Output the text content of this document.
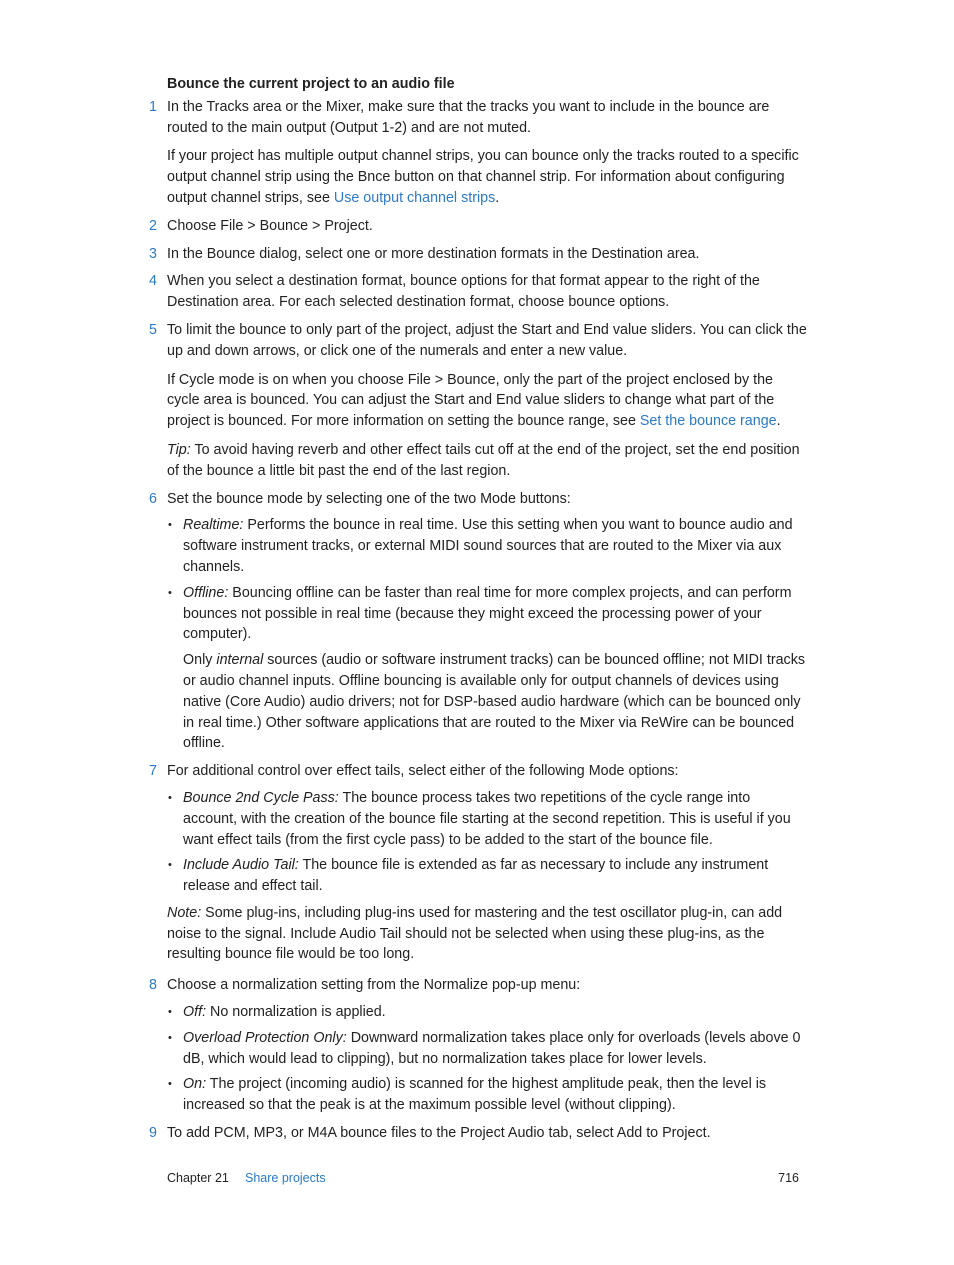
Bounce the current project to an audio file
1 In the Tracks area or the Mixer, make sure that the tracks you want to include in the bounce are routed to the main output (Output 1-2) and are not muted.

If your project has multiple output channel strips, you can bounce only the tracks routed to a specific output channel strip using the Bnce button on that channel strip. For information about configuring output channel strips, see Use output channel strips.

2 Choose File > Bounce > Project.

3 In the Bounce dialog, select one or more destination formats in the Destination area.

4 When you select a destination format, bounce options for that format appear to the right of the Destination area. For each selected destination format, choose bounce options.

5 To limit the bounce to only part of the project, adjust the Start and End value sliders. You can click the up and down arrows, or click one of the numerals and enter a new value.

If Cycle mode is on when you choose File > Bounce, only the part of the project enclosed by the cycle area is bounced. You can adjust the Start and End value sliders to change what part of the project is bounced. For more information on setting the bounce range, see Set the bounce range.

Tip: To avoid having reverb and other effect tails cut off at the end of the project, set the end position of the bounce a little bit past the end of the last region.

6 Set the bounce mode by selecting one of the two Mode buttons:

• Realtime: Performs the bounce in real time. Use this setting when you want to bounce audio and software instrument tracks, or external MIDI sound sources that are routed to the Mixer via aux channels.
• Offline: Bouncing offline can be faster than real time for more complex projects, and can perform bounces not possible in real time (because they might exceed the processing power of your computer).

Only internal sources (audio or software instrument tracks) can be bounced offline; not MIDI tracks or audio channel inputs. Offline bouncing is available only for output channels of devices using native (Core Audio) audio drivers; not for DSP-based audio hardware (which can be bounced only in real time.) Other software applications that are routed to the Mixer via ReWire can be bounced offline.

7 For additional control over effect tails, select either of the following Mode options:

• Bounce 2nd Cycle Pass: The bounce process takes two repetitions of the cycle range into account, with the creation of the bounce file starting at the second repetition. This is useful if you want effect tails (from the first cycle pass) to be added to the start of the bounce file.
• Include Audio Tail: The bounce file is extended as far as necessary to include any instrument release and effect tail.

Note: Some plug-ins, including plug-ins used for mastering and the test oscillator plug-in, can add noise to the signal. Include Audio Tail should not be selected when using these plug-ins, as the resulting bounce file would be too long.

8 Choose a normalization setting from the Normalize pop-up menu:

• Off: No normalization is applied.
• Overload Protection Only: Downward normalization takes place only for overloads (levels above 0 dB, which would lead to clipping), but no normalization takes place for lower levels.
• On: The project (incoming audio) is scanned for the highest amplitude peak, then the level is increased so that the peak is at the maximum possible level (without clipping).
9 To add PCM, MP3, or M4A bounce files to the Project Audio tab, select Add to Project.

Chapter 21 Share projects	716
